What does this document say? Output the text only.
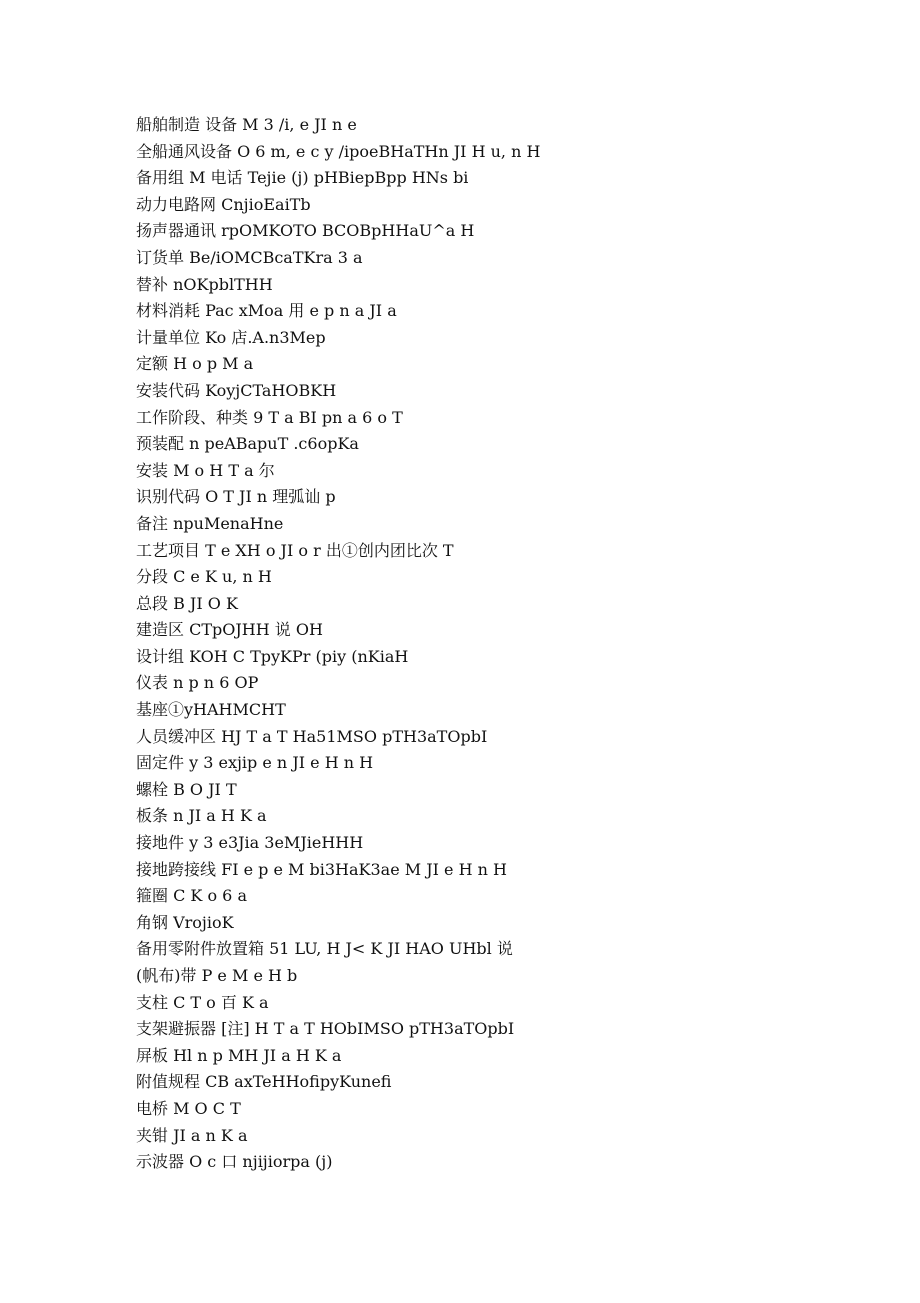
船舶制造 设备 M 3 /i, e JI n e
全船通风设备 O 6 m, e c y /ipoeBHaTHn JI H u, n H
备用组 M 电话 Tejie (j) pHBiepBpp HNs bi
动力电路网 CnjioEaiTb
扬声器通讯 rpOMKOTO BCOBpHHaU^a H
订货单 Be/iOMCBcaTKra 3 a
替补 nOKpblTHH
材料消耗 Pac xMoa 用 e p n a JI a
计量单位 Ko 店.A.n3Mep
定额 H o p M a
安装代码 KoyjCTaHOBKH
工作阶段、种类 9 T a BI pn a 6 o T
预装配 n peABapuT .c6opKa
安装 M o H T a 尔
识别代码 O T JI n 理弧讪 p
备注 npuMenaHne
工艺项目 T e XH o JI o r 出①创内团比次 T
分段 C e K u, n H
总段 B JI O K
建造区 CTpOJHH 说 OH
设计组 KOH C TpyKPr (piy (nKiaH
仪表 n p n 6 OP
基座①yHAHMCHT
人员缓冲区 HJ T a T Ha51MSO pTH3aTOpbI
固定件 y 3 exjip e n JI e H n H
螺栓 B O JI T
板条 n JI a H K a
接地件 y 3 e3Jia 3eMJieHHH
接地跨接线 FI e p e M bi3HaK3ae M JI e H n H
箍圈 C K o 6 a
角钢 VrojioK
备用零附件放置箱 51 LU, H J< K JI HAO UHbl 说
(帆布)带 P e M e H b
支柱 C T o 百 K a
支架避振器 [注] H T a T HObIMSO pTH3aTOpbI
屏板 Hl n p MH JI a H K a
附值规程 CB axTeHHofipyKunefi
电桥 M O C T
夹钳 JI a n K a
示波器 O c 口 njijiorpa (j)
